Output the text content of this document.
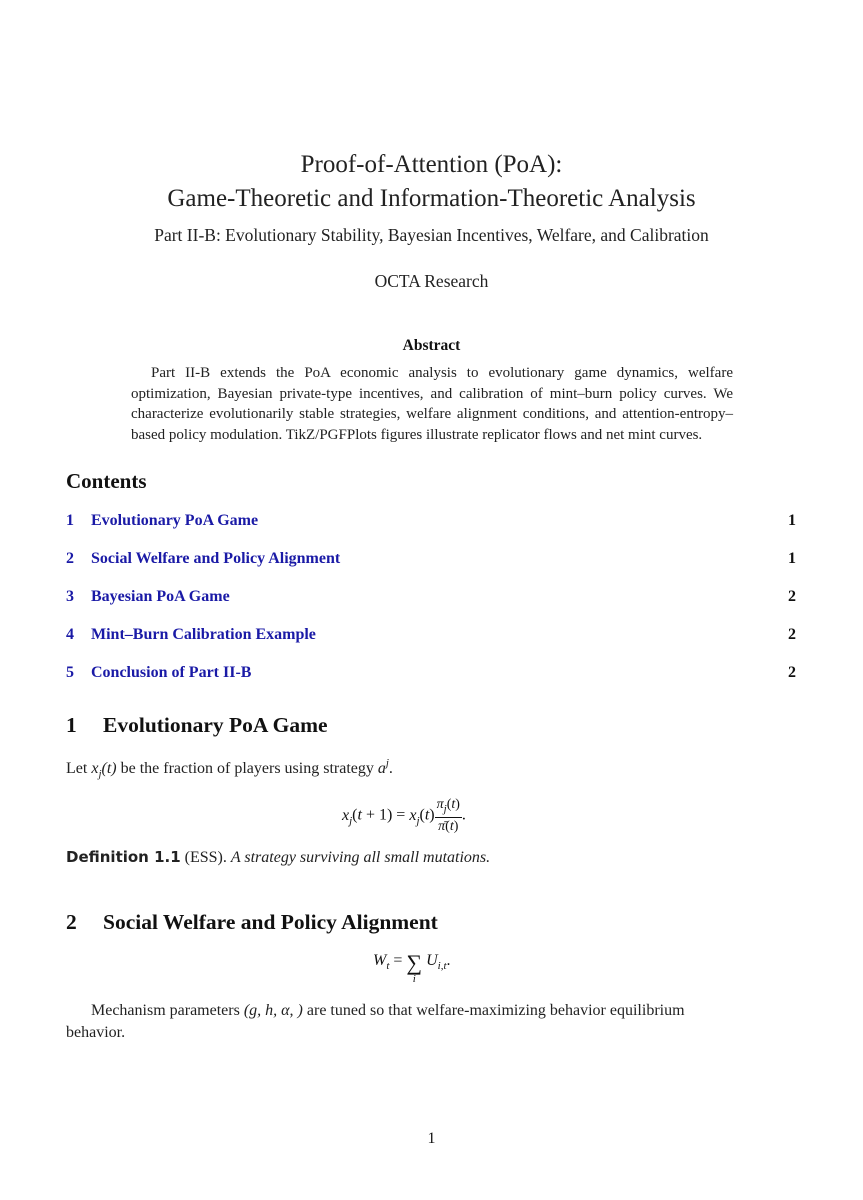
Proof-of-Attention (PoA):
Game-Theoretic and Information-Theoretic Analysis
Part II-B: Evolutionary Stability, Bayesian Incentives, Welfare, and Calibration
OCTA Research
Abstract
Part II-B extends the PoA economic analysis to evolutionary game dynamics, welfare optimization, Bayesian private-type incentives, and calibration of mint–burn policy curves. We characterize evolutionarily stable strategies, welfare alignment conditions, and attention-entropy–based policy modulation. TikZ/PGFPlots figures illustrate replicator flows and net mint curves.
Contents
1 Evolutionary PoA Game	1
2 Social Welfare and Policy Alignment	1
3 Bayesian PoA Game	2
4 Mint–Burn Calibration Example	2
5 Conclusion of Part II-B	2
1 Evolutionary PoA Game
Let $x_j(t)$ be the fraction of players using strategy $a^j$.
$x_j(t + 1) = x_j(t) \frac{\pi_j(t)}{\pī(t)}$ .
Definition 1.1 (ESS). A strategy surviving all small mutations.
2 Social Welfare and Policy Alignment
$W_t$ = ∑
i
$U_{i,t}$.
Mechanism parameters (g, h, α, ) are tuned so that welfare-maximizing behavior equilibrium
behavior.
1
